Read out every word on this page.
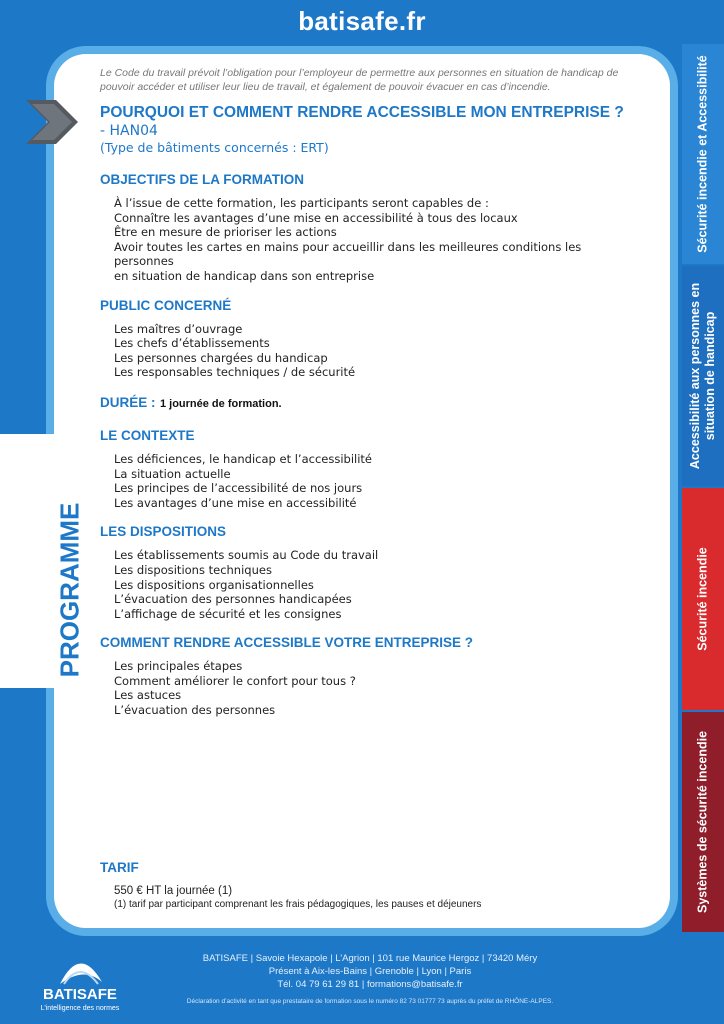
batisafe.fr
PROGRAMME

Le Code du travail prévoit l’obligation pour l’employeur de permettre aux personnes en situation de handicap de pouvoir accéder et utiliser leur lieu de travail, et également de pouvoir évacuer en cas d’incendie.

POURQUOI ET COMMENT RENDRE ACCESSIBLE MON ENTREPRISE ?

- HAN04

(Type de bâtiments concernés : ERT)

OBJECTIFS DE LA FORMATION

À l’issue de cette formation, les participants seront capables de :
Connaître les avantages d’une mise en accessibilité à tous des locaux
Être en mesure de prioriser les actions
Avoir toutes les cartes en mains pour accueillir dans les meilleures conditions les personnes
en situation de handicap dans son entreprise

PUBLIC CONCERNÉ

Les maîtres d’ouvrage
Les chefs d’établissements
Les personnes chargées du handicap
Les responsables techniques / de sécurité

DURÉE : 1 journée de formation.

LE CONTEXTE

Les déficiences, le handicap et l’accessibilité
La situation actuelle
Les principes de l’accessibilité de nos jours
Les avantages d’une mise en accessibilité

LES DISPOSITIONS

Les établissements soumis au Code du travail
Les dispositions techniques
Les dispositions organisationnelles
L’évacuation des personnes handicapées
L’affichage de sécurité et les consignes

COMMENT RENDRE ACCESSIBLE VOTRE ENTREPRISE ?

Les principales étapes
Comment améliorer le confort pour tous ?
Les astuces
L’évacuation des personnes

TARIF

550 € HT la journée (1)

(1) tarif par participant comprenant les frais pédagogiques, les pauses et déjeuners

Sécurité incendie et Accessibilité
Accessibilité aux personnes en situation de handicap
Sécurité incendie
Systèmes de sécurité incendie
BATISAFE
L’intelligence des normes
BATISAFE | Savoie Hexapole | L’Agrion | 101 rue Maurice Hergoz | 73420 Méry
Présent à Aix-les-Bains | Grenoble | Lyon | Paris
Tél. 04 79 61 29 81 | formations@batisafe.fr
Déclaration d’activité en tant que prestataire de formation sous le numéro 82 73 01777 73 auprès du préfet de RHÔNE-ALPES.
